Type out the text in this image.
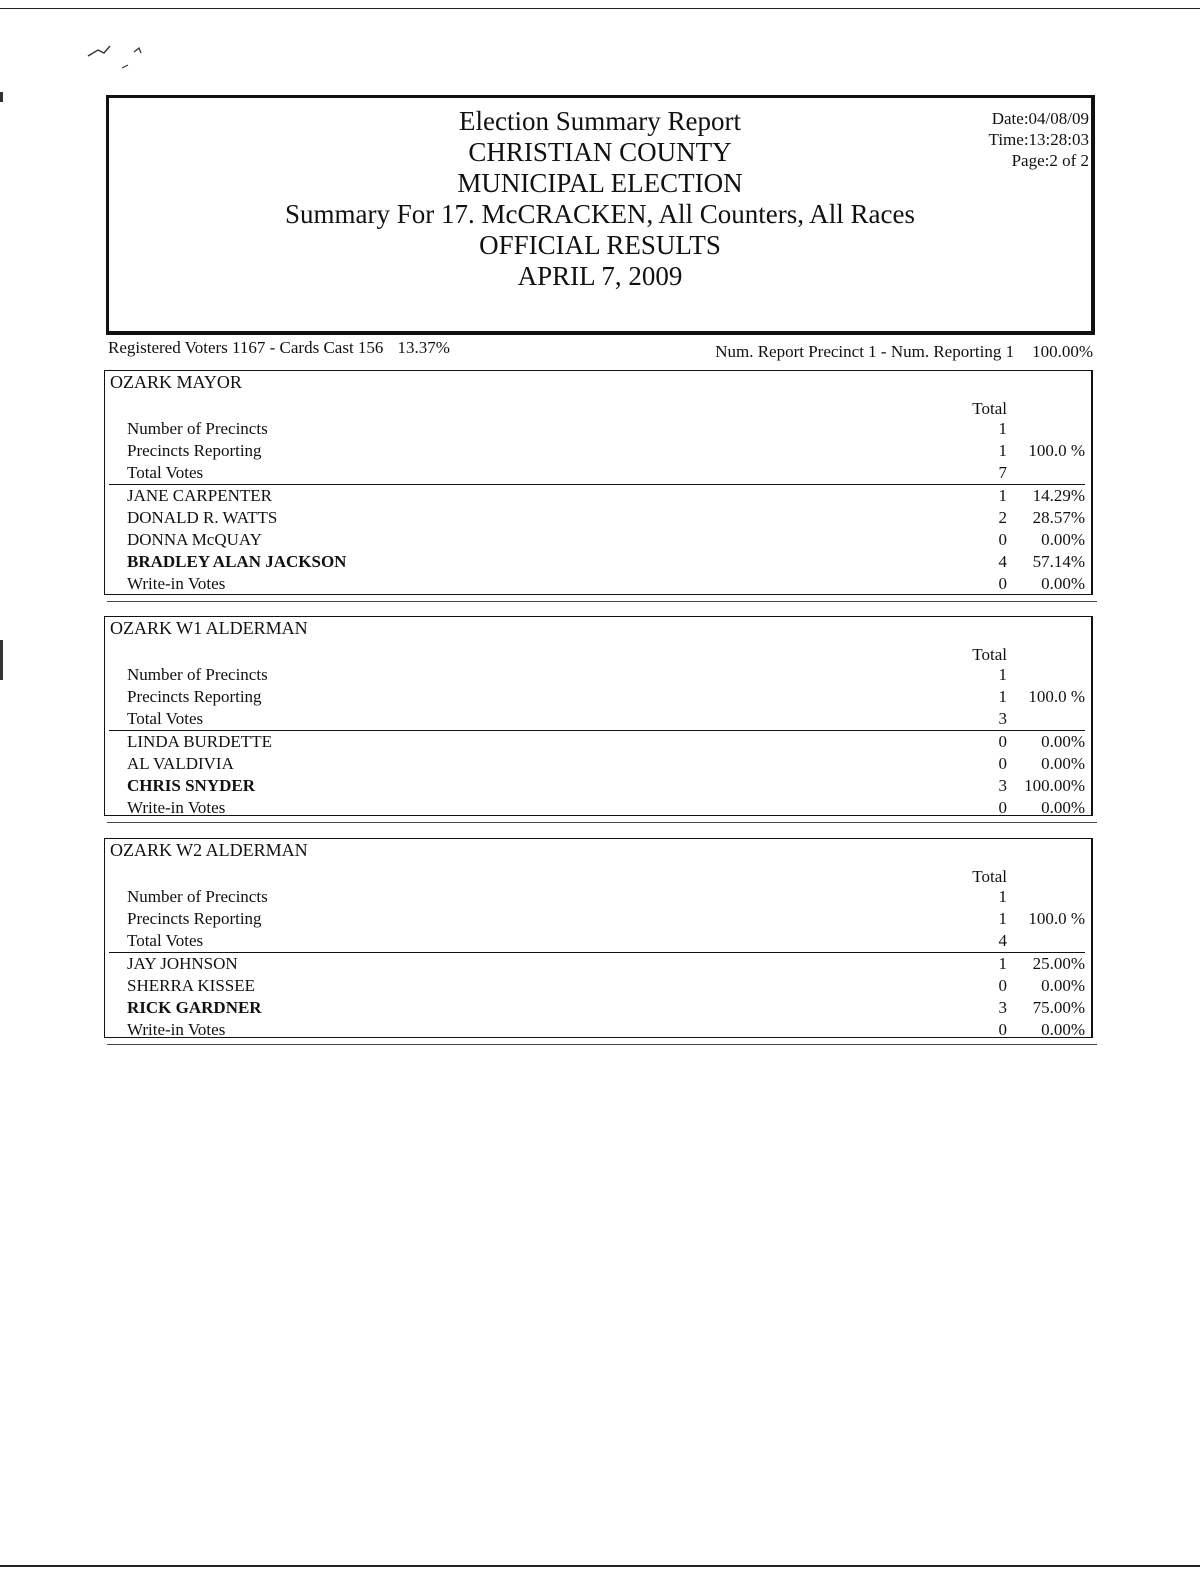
Election Summary Report
CHRISTIAN COUNTY
MUNICIPAL ELECTION
Summary For 17. McCRACKEN, All Counters, All Races
OFFICIAL RESULTS
APRIL 7, 2009
Date:04/08/09
Time:13:28:03
Page:2 of 2
Registered Voters 1167 - Cards Cast 156 13.37%	Num. Report Precinct 1 - Num. Reporting 1 100.00%
OZARK MAYOR
Total
Number of Precincts	1
Precincts Reporting	1 100.0 %
Total Votes	7
JANE CARPENTER	1 14.29%
DONALD R. WATTS	2 28.57%
DONNA McQUAY	0 0.00%
BRADLEY ALAN JACKSON	4 57.14%
Write-in Votes	0 0.00%
OZARK W1 ALDERMAN
Total
Number of Precincts	1
Precincts Reporting	1 100.0 %
Total Votes	3
LINDA BURDETTE	0 0.00%
AL VALDIVIA	0 0.00%
CHRIS SNYDER	3 100.00%
Write-in Votes	0 0.00%
OZARK W2 ALDERMAN
Total
Number of Precincts	1
Precincts Reporting	1 100.0 %
Total Votes	4
JAY JOHNSON	1 25.00%
SHERRA KISSEE	0 0.00%
RICK GARDNER	3 75.00%
Write-in Votes	0 0.00%
